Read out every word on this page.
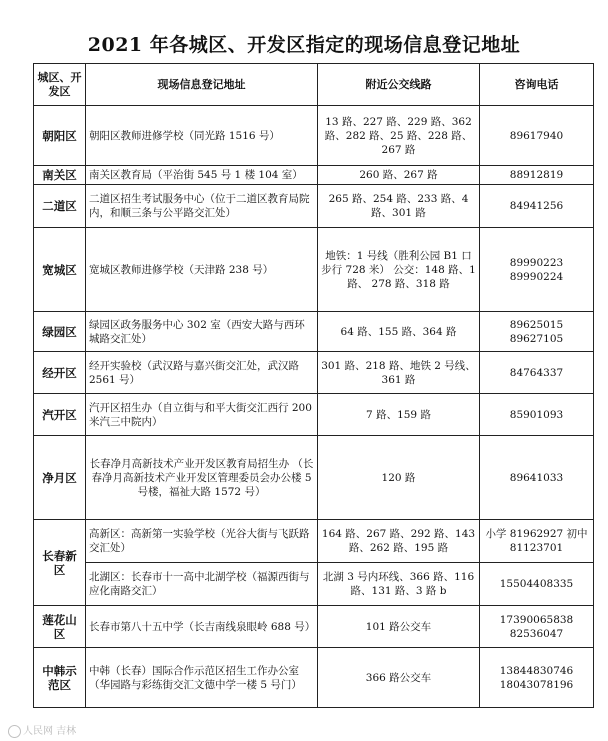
2021 年各城区、开发区指定的现场信息登记地址
城区、开发区	现场信息登记地址	附近公交线路	咨询电话
朝阳区	朝阳区教师进修学校（同光路 1516 号）	13 路、227 路、229 路、362 路、282 路、25 路、228 路、267 路	89617940
南关区	南关区教育局（平治街 545 号 1 楼 104 室）	260 路、267 路	88912819
二道区	二道区招生考试服务中心（位于二道区教育局院内，和顺三条与公平路交汇处）	265 路、254 路、233 路、4 路、301 路	84941256
宽城区	宽城区教师进修学校（天津路 238 号）	地铁：1 号线（胜利公园 B1 口步行 728 米） 公交：148 路、1 路、 278 路、318 路	89990223 89990224
绿园区	绿园区政务服务中心 302 室（西安大路与西环城路交汇处）	64 路、155 路、364 路	89625015 89627105
经开区	经开实验校（武汉路与嘉兴街交汇处，武汉路 2561 号）	301 路、218 路、地铁 2 号线、361 路	84764337
汽开区	汽开区招生办（自立街与和平大街交汇西行 200 米汽三中院内）	7 路、159 路	85901093
净月区	长春净月高新技术产业开发区教育局招生办 （长春净月高新技术产业开发区管理委员会办公楼 5 号楼，福祉大路 1572 号）	120 路	89641033
长春新区	高新区：高新第一实验学校（光谷大街与飞跃路交汇处）	164 路、267 路、292 路、143 路、262 路、195 路	小学 81962927 初中 81123701
	北湖区：长春市十一高中北湖学校（福源西街与应化南路交汇）	北湖 3 号内环线、366 路、116 路、131 路、3 路 b	15504408335
莲花山区	长春市第八十五中学（长吉南线泉眼岭 688 号）	101 路公交车	17390065838 82536047
中韩示范区	中韩（长春）国际合作示范区招生工作办公室（华园路与彩练街交汇文德中学一楼 5 号门）	366 路公交车	13844830746 18043078196
人民网 吉林
